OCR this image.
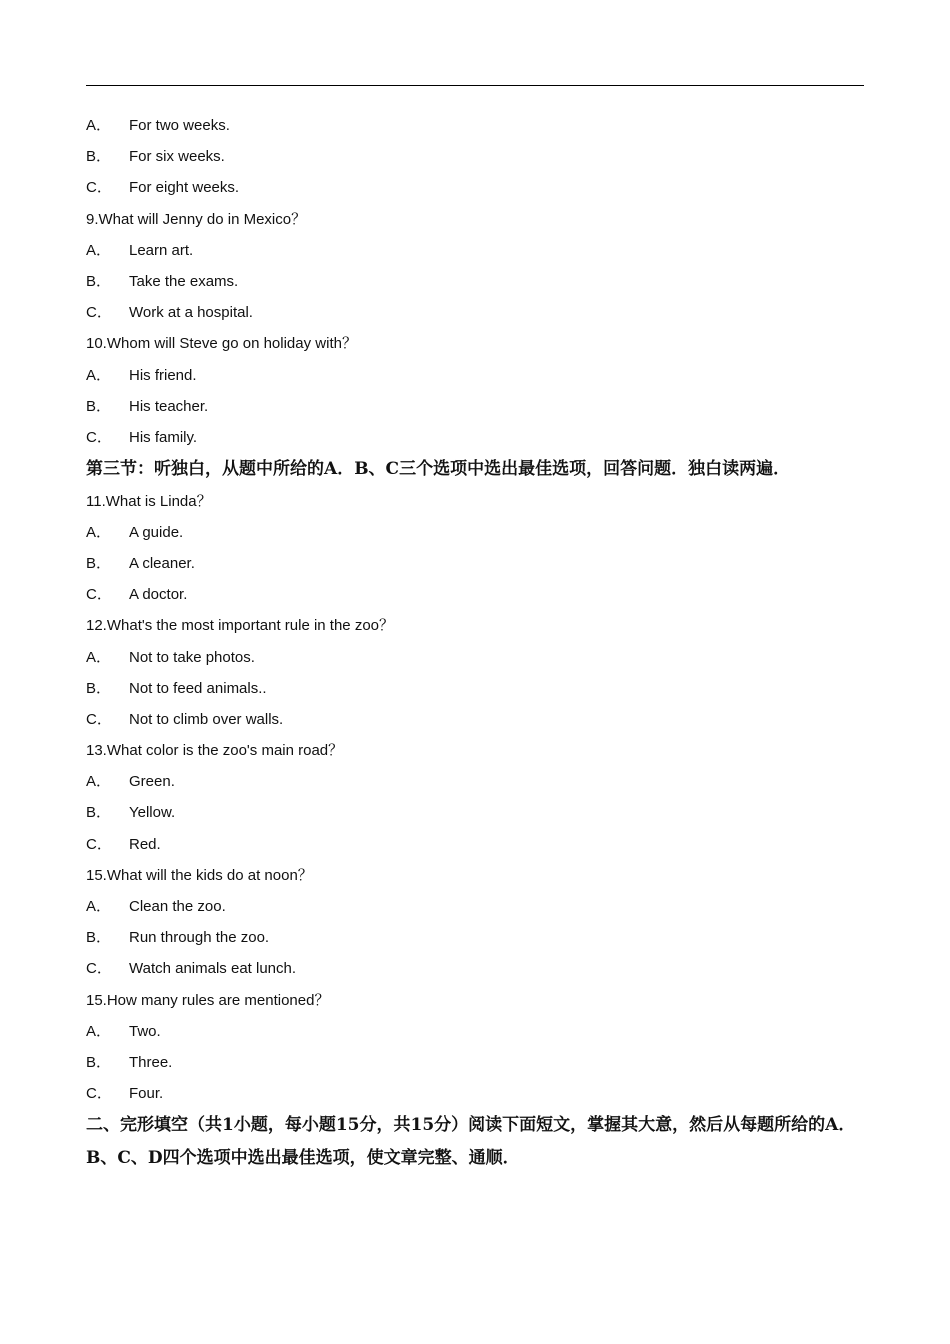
A． For two weeks.
B． For six weeks.
C． For eight weeks.
9.What will Jenny do in Mexico？
A． Learn art.
B． Take the exams.
C． Work at a hospital.
10.Whom will Steve go on holiday with？
A． His friend.
B． His teacher.
C． His family.
第三节：听独白，从题中所给的A．B、C三个选项中选出最佳选项，回答问题．独白读两遍．
11.What is Linda？
A． A guide.
B． A cleaner.
C． A doctor.
12.What's the most important rule in the zoo？
A． Not to take photos.
B． Not to feed animals..
C． Not to climb over walls.
13.What color is the zoo's main road？
A． Green.
B． Yellow.
C． Red.
15.What will the kids do at noon？
A． Clean the zoo.
B． Run through the zoo.
C． Watch animals eat lunch.
15.How many rules are mentioned？
A． Two.
B． Three.
C． Four.
二、完形填空（共1小题，每小题15分，共15分）阅读下面短文，掌握其大意，然后从每题所给的A．B、C、D四个选项中选出最佳选项，使文章完整、通顺．
